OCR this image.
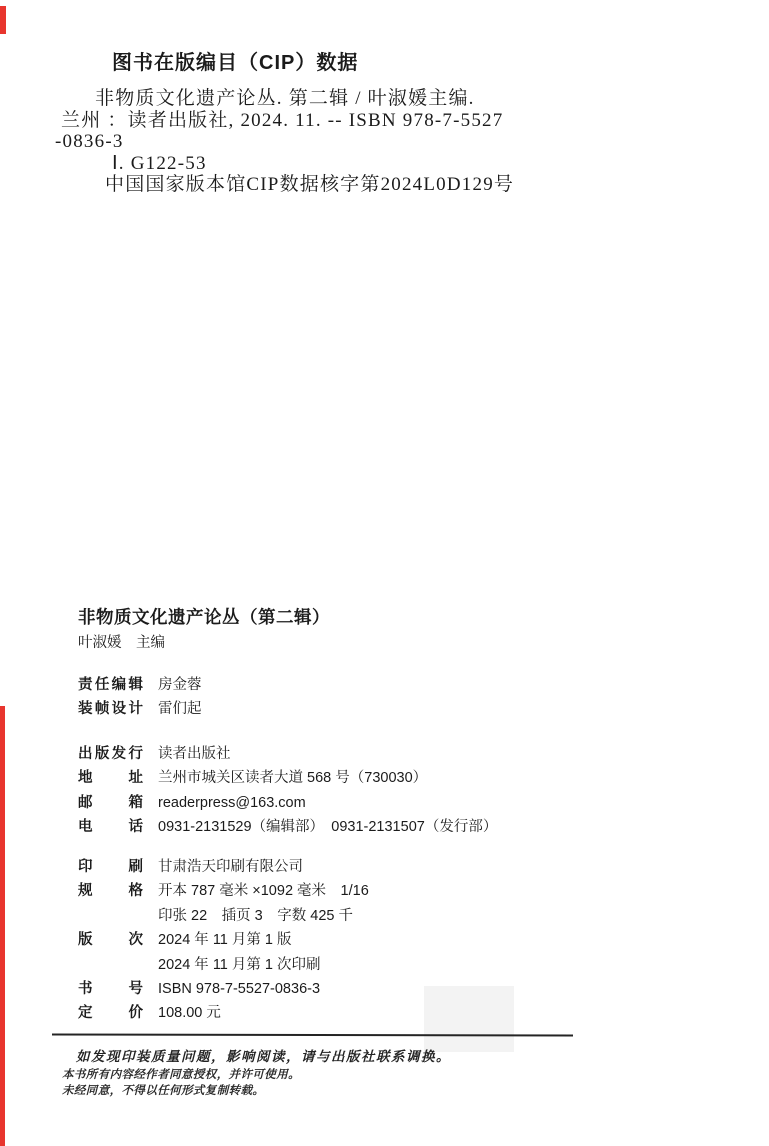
图书在版编目（CIP）数据
非物质文化遗产论丛. 第二辑 / 叶淑媛主编.
兰州 ：读者出版社, 2024. 11. -- ISBN 978-7-5527
-0836-3
Ⅰ. G122-53
中国国家版本馆CIP数据核字第2024L0D129号
非物质文化遗产论丛（第二辑）
叶淑媛　主编
责任编辑 房金蓉
装帧设计 雷们起
出版发行 读者出版社
地　址 兰州市城关区读者大道 568 号（730030）
邮　箱 readerpress@163.com
电　话 0931-2131529（编辑部）　0931-2131507（发行部）
印　刷 甘肃浩天印刷有限公司
规　格 开本 787 毫米 ×1092 毫米　1/16
印张 22　插页 3　字数 425 千
版　次 2024 年 11 月第 1 版
2024 年 11 月第 1 次印刷
书　号 ISBN 978-7-5527-0836-3
定　价 108.00 元
如发现印装质量问题，影响阅读，请与出版社联系调换。
本书所有内容经作者同意授权，并许可使用。
未经同意，不得以任何形式复制转载。
